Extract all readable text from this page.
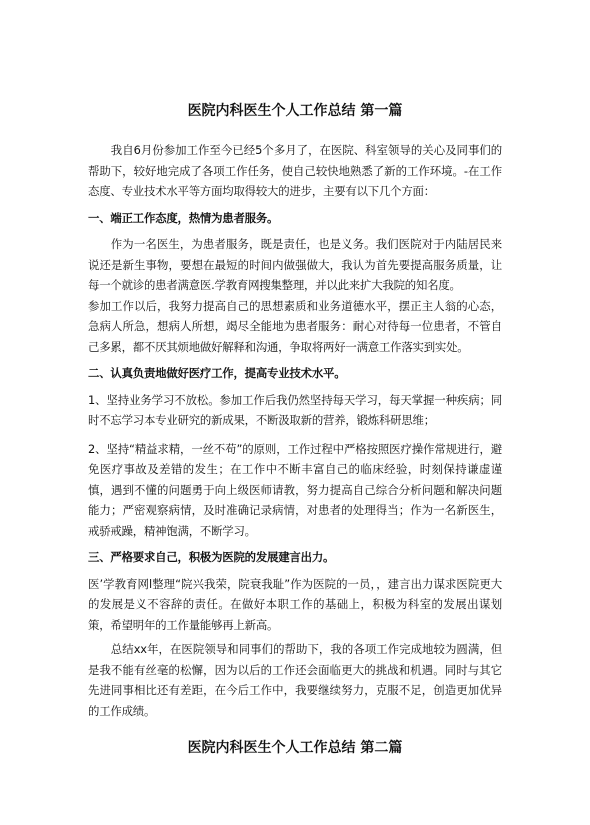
医院内科医生个人工作总结 第一篇

我自6月份参加工作至今已经5个多月了，在医院、科室领导的关心及同事们的帮助下，较好地完成了各项工作任务，使自己较快地熟悉了新的工作环境。-在工作态度、专业技术水平等方面均取得较大的进步，主要有以下几个方面：

一、端正工作态度，热情为患者服务。

作为一名医生，为患者服务，既是责任，也是义务。我们医院对于内陆居民来说还是新生事物，要想在最短的时间内做强做大，我认为首先要提高服务质量，让每一个就诊的患者满意医.学教育网搜集整理，并以此来扩大我院的知名度。

参加工作以后，我努力提高自己的思想素质和业务道德水平，摆正主人翁的心态，急病人所急，想病人所想，竭尽全能地为患者服务：耐心对待每一位患者，不管自己多累，都不厌其烦地做好解释和沟通，争取将两好一满意工作落实到实处。

二、认真负责地做好医疗工作，提高专业技术水平。

1、坚持业务学习不放松。参加工作后我仍然坚持每天学习，每天掌握一种疾病；同时不忘学习本专业研究的新成果，不断汲取新的营养，锻炼科研思维；

2、坚持“精益求精，一丝不苟”的原则，工作过程中严格按照医疗操作常规进行，避免医疗事故及差错的发生；在工作中不断丰富自己的临床经验，时刻保持谦虚谨慎，遇到不懂的问题勇于向上级医师请教，努力提高自己综合分析问题和解决问题能力；严密观察病情，及时准确记录病情，对患者的处理得当；作为一名新医生，戒骄戒躁，精神饱满，不断学习。

三、严格要求自己，积极为医院的发展建言出力。

医’学教育网l整理“院兴我荣，院衰我耻”作为医院的一员，，建言出力谋求医院更大的发展是义不容辞的责任。在做好本职工作的基础上，积极为科室的发展出谋划策，希望明年的工作量能够再上新高。

总结xx年，在医院领导和同事们的帮助下，我的各项工作完成地较为圆满，但是我不能有丝毫的松懈，因为以后的工作还会面临更大的挑战和机遇。同时与其它先进同事相比还有差距，在今后工作中，我要继续努力，克服不足，创造更加优异的工作成绩。

医院内科医生个人工作总结 第二篇
